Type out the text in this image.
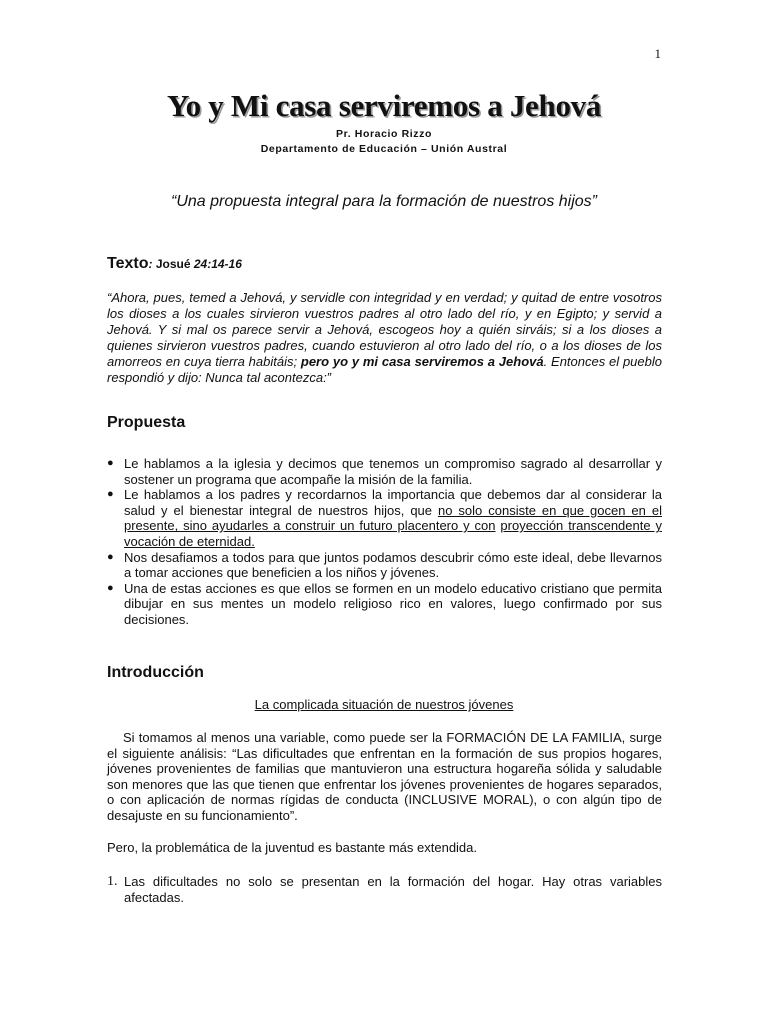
1
Yo y Mi casa serviremos a Jehová
Pr. Horacio Rizzo
Departamento de Educación – Unión Austral
“Una propuesta integral para la formación de nuestros hijos”
Texto: Josué 24:14-16

“Ahora, pues, temed a Jehová, y servidle con integridad y en verdad; y quitad de entre vosotros los dioses a los cuales sirvieron vuestros padres al otro lado del río, y en Egipto; y servid a Jehová. Y si mal os parece servir a Jehová, escogeos hoy a quién sirváis; si a los dioses a quienes sirvieron vuestros padres, cuando estuvieron al otro lado del río, o a los dioses de los amorreos en cuya tierra habitáis; pero yo y mi casa serviremos a Jehová. Entonces el pueblo respondió y dijo: Nunca tal acontezca:”

Propuesta
● Le hablamos a la iglesia y decimos que tenemos un compromiso sagrado al desarrollar y sostener un programa que acompañe la misión de la familia.
● Le hablamos a los padres y recordarnos la importancia que debemos dar al considerar la salud y el bienestar integral de nuestros hijos, que no solo consiste en que gocen en el presente, sino ayudarles a construir un futuro placentero y con proyección transcendente y vocación de eternidad.
● Nos desafiamos a todos para que juntos podamos descubrir cómo este ideal, debe llevarnos a tomar acciones que beneficien a los niños y jóvenes.
● Una de estas acciones es que ellos se formen en un modelo educativo cristiano que permita dibujar en sus mentes un modelo religioso rico en valores, luego confirmado por sus decisiones.
Introducción
La complicada situación de nuestros jóvenes

Si tomamos al menos una variable, como puede ser la FORMACIÓN DE LA FAMILIA, surge el siguiente análisis: “Las dificultades que enfrentan en la formación de sus propios hogares, jóvenes provenientes de familias que mantuvieron una estructura hogareña sólida y saludable son menores que las que tienen que enfrentar los jóvenes provenientes de hogares separados, o con aplicación de normas rígidas de conducta (INCLUSIVE MORAL), o con algún tipo de desajuste en su funcionamiento”.

Pero, la problemática de la juventud es bastante más extendida.

1. Las dificultades no solo se presentan en la formación del hogar. Hay otras variables afectadas.
